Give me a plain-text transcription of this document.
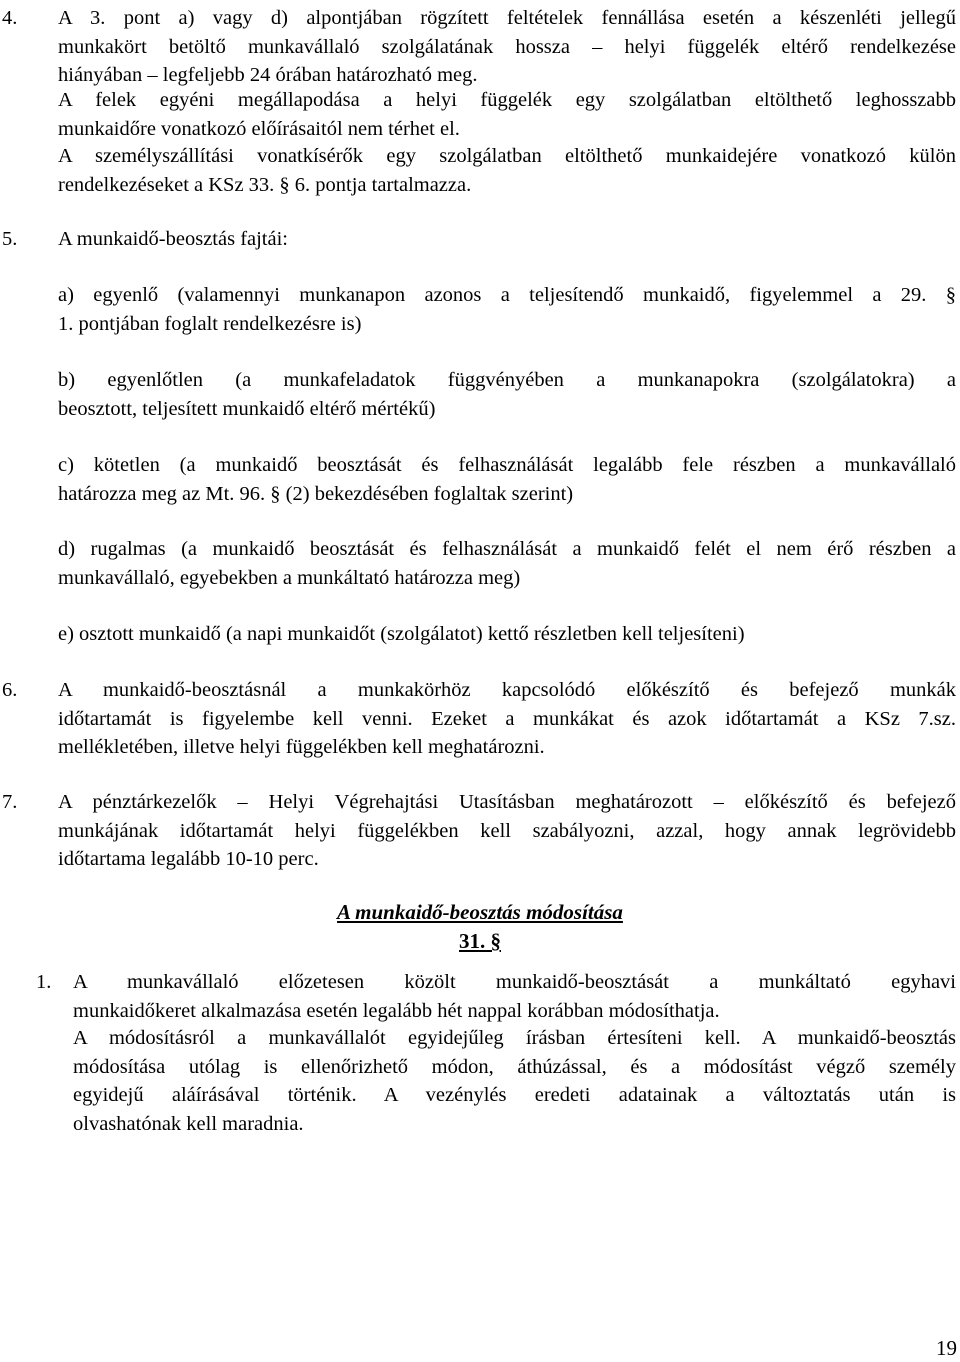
4. A 3. pont a) vagy d) alpontjában rögzített feltételek fennállása esetén a készenléti jellegű
munkakört betöltő munkavállaló szolgálatának hossza – helyi függelék eltérő rendelkezése
hiányában – legfeljebb 24 órában határozható meg.
A felek egyéni megállapodása a helyi függelék egy szolgálatban eltölthető leghosszabb
munkaidőre vonatkozó előírásaitól nem térhet el.
A személyszállítási vonatkísérők egy szolgálatban eltölthető munkaidejére vonatkozó külön
rendelkezéseket a KSz 33. § 6. pontja tartalmazza.
5. A munkaidő-beosztás fajtái:
a) egyenlő (valamennyi munkanapon azonos a teljesítendő munkaidő, figyelemmel a 29. §
1. pontjában foglalt rendelkezésre is)
b) egyenlőtlen (a munkafeladatok függvényében a munkanapokra (szolgálatokra) a
beosztott, teljesített munkaidő eltérő mértékű)
c) kötetlen (a munkaidő beosztását és felhasználását legalább fele részben a munkavállaló
határozza meg az Mt. 96. § (2) bekezdésében foglaltak szerint)
d) rugalmas (a munkaidő beosztását és felhasználását a munkaidő felét el nem érő részben a
munkavállaló, egyebekben a munkáltató határozza meg)
e) osztott munkaidő (a napi munkaidőt (szolgálatot) kettő részletben kell teljesíteni)
6. A munkaidő-beosztásnál a munkakörhöz kapcsolódó előkészítő és befejező munkák
időtartamát is figyelembe kell venni. Ezeket a munkákat és azok időtartamát a KSz 7.sz.
mellékletében, illetve helyi függelékben kell meghatározni.
7. A pénztárkezelők – Helyi Végrehajtási Utasításban meghatározott – előkészítő és befejező
munkájának időtartamát helyi függelékben kell szabályozni, azzal, hogy annak legrövidebb
időtartama legalább 10-10 perc.
A munkaidő-beosztás módosítása
31. §
1. A munkavállaló előzetesen közölt munkaidő-beosztását a munkáltató egyhavi
munkaidőkeret alkalmazása esetén legalább hét nappal korábban módosíthatja.
A módosításról a munkavállalót egyidejűleg írásban értesíteni kell. A munkaidő-beosztás
módosítása utólag is ellenőrizhető módon, áthúzással, és a módosítást végző személy
egyidejű aláírásával történik. A vezénylés eredeti adatainak a változtatás után is
olvashatónak kell maradnia.
19
